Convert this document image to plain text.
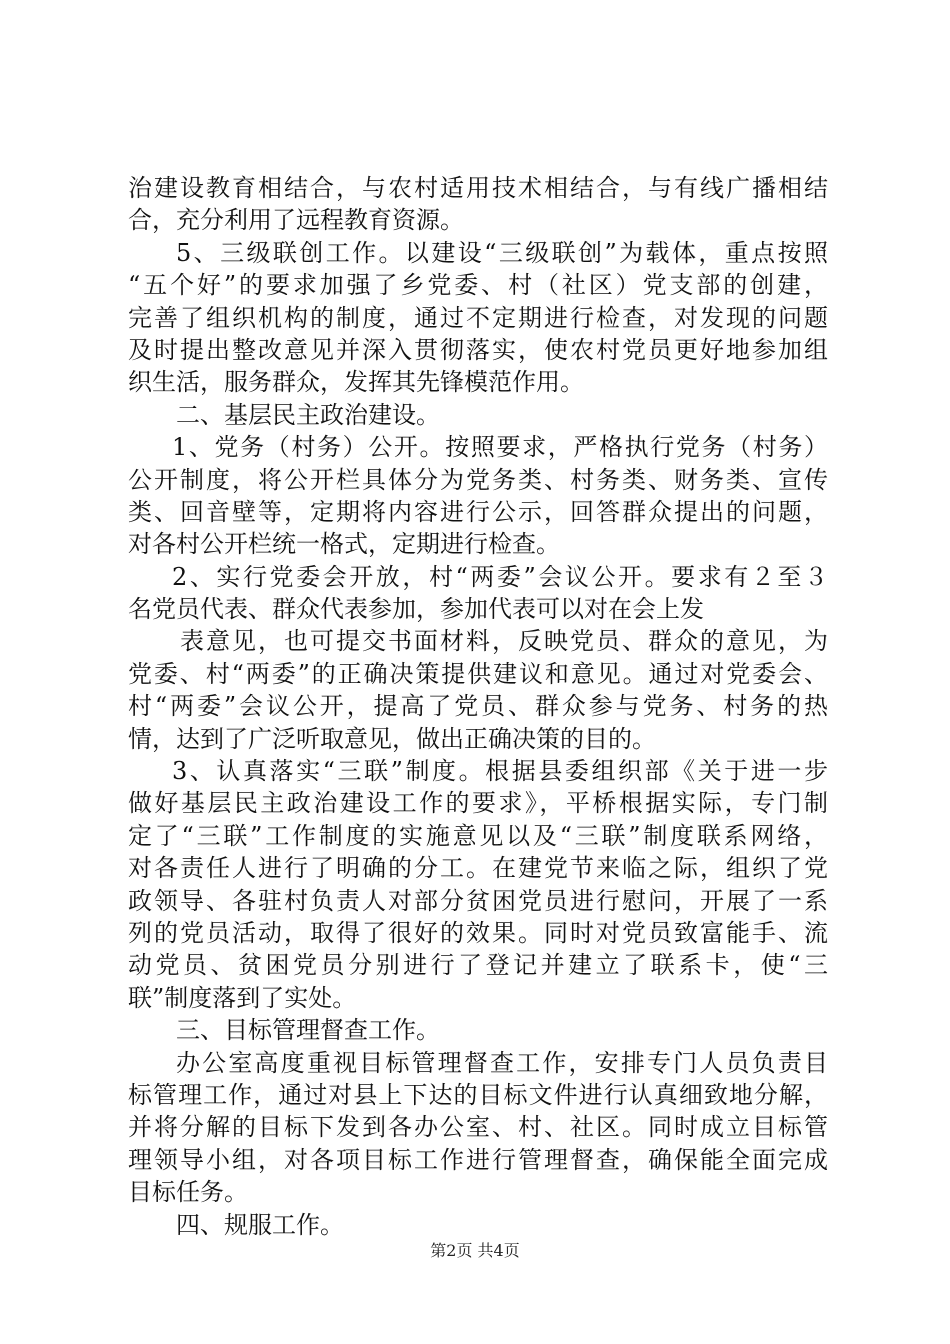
治建设教育相结合，与农村适用技术相结合，与有线广播相结
合，充分利用了远程教育资源。
5、三级联创工作。以建设“三级联创”为载体，重点按照
“五个好”的要求加强了乡党委、村（社区）党支部的创建，
完善了组织机构的制度，通过不定期进行检查，对发现的问题
及时提出整改意见并深入贯彻落实，使农村党员更好地参加组
织生活，服务群众，发挥其先锋模范作用。
二、基层民主政治建设。
1、党务（村务）公开。按照要求，严格执行党务（村务）
公开制度，将公开栏具体分为党务类、村务类、财务类、宣传
类、回音壁等，定期将内容进行公示，回答群众提出的问题，
对各村公开栏统一格式，定期进行检查。
2、实行党委会开放，村“两委”会议公开。要求有２至３
名党员代表、群众代表参加，参加代表可以对在会上发
表意见，也可提交书面材料，反映党员、群众的意见，为
党委、村“两委”的正确决策提供建议和意见。通过对党委会、
村“两委”会议公开，提高了党员、群众参与党务、村务的热
情，达到了广泛听取意见，做出正确决策的目的。
3、认真落实“三联”制度。根据县委组织部《关于进一步
做好基层民主政治建设工作的要求》，平桥根据实际，专门制
定了“三联”工作制度的实施意见以及“三联”制度联系网络，
对各责任人进行了明确的分工。在建党节来临之际，组织了党
政领导、各驻村负责人对部分贫困党员进行慰问，开展了一系
列的党员活动，取得了很好的效果。同时对党员致富能手、流
动党员、贫困党员分别进行了登记并建立了联系卡，使“三
联”制度落到了实处。
三、目标管理督查工作。
办公室高度重视目标管理督查工作，安排专门人员负责目
标管理工作，通过对县上下达的目标文件进行认真细致地分解，
并将分解的目标下发到各办公室、村、社区。同时成立目标管
理领导小组，对各项目标工作进行管理督查，确保能全面完成
目标任务。
四、规服工作。
第2页 共4页
